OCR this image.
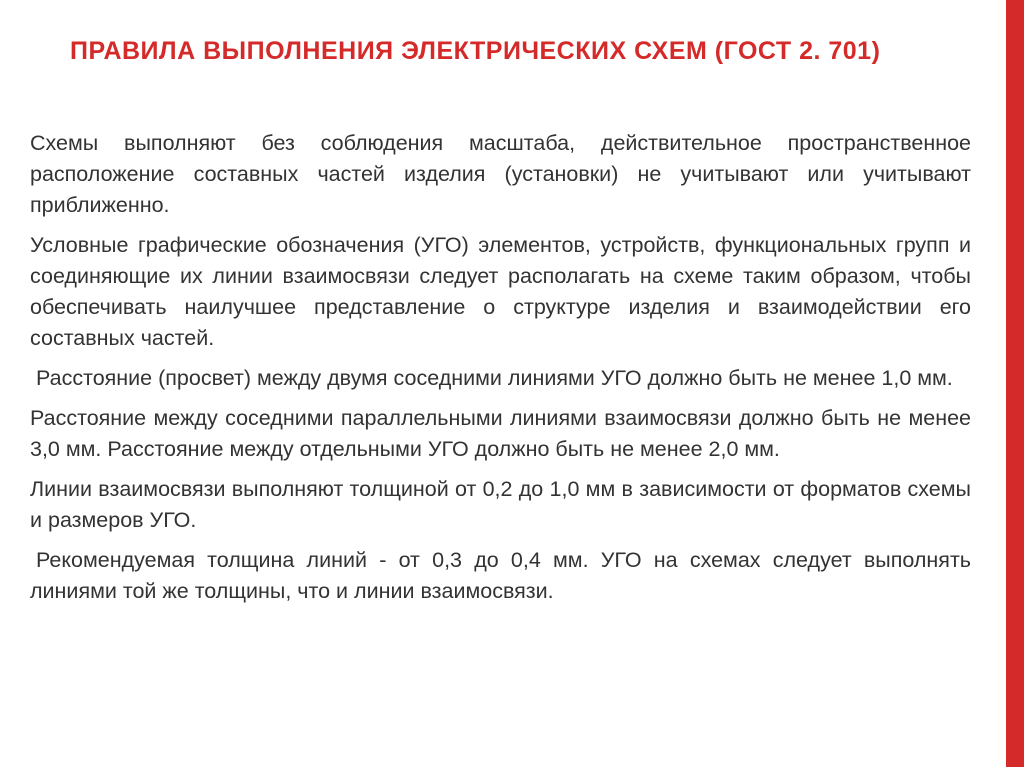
ПРАВИЛА ВЫПОЛНЕНИЯ ЭЛЕКТРИЧЕСКИХ СХЕМ (ГОСТ 2. 701)

Схемы выполняют без соблюдения масштаба, действительное пространственное расположение составных частей изделия (установки) не учитывают или учитывают приближенно.

Условные графические обозначения (УГО) элементов, устройств, функциональных групп и соединяющие их линии взаимосвязи следует располагать на схеме таким образом, чтобы обеспечивать наилучшее представление о структуре изделия и взаимодействии его составных частей.

Расстояние (просвет) между двумя соседними линиями УГО должно быть не менее 1,0 мм.

Расстояние между соседними параллельными линиями взаимосвязи должно быть не менее 3,0 мм. Расстояние между отдельными УГО должно быть не менее 2,0 мм.

Линии взаимосвязи выполняют толщиной от 0,2 до 1,0 мм в зависимости от форматов схемы и размеров УГО.

Рекомендуемая толщина линий - от 0,3 до 0,4 мм. УГО на схемах следует выполнять линиями той же толщины, что и линии взаимосвязи.
